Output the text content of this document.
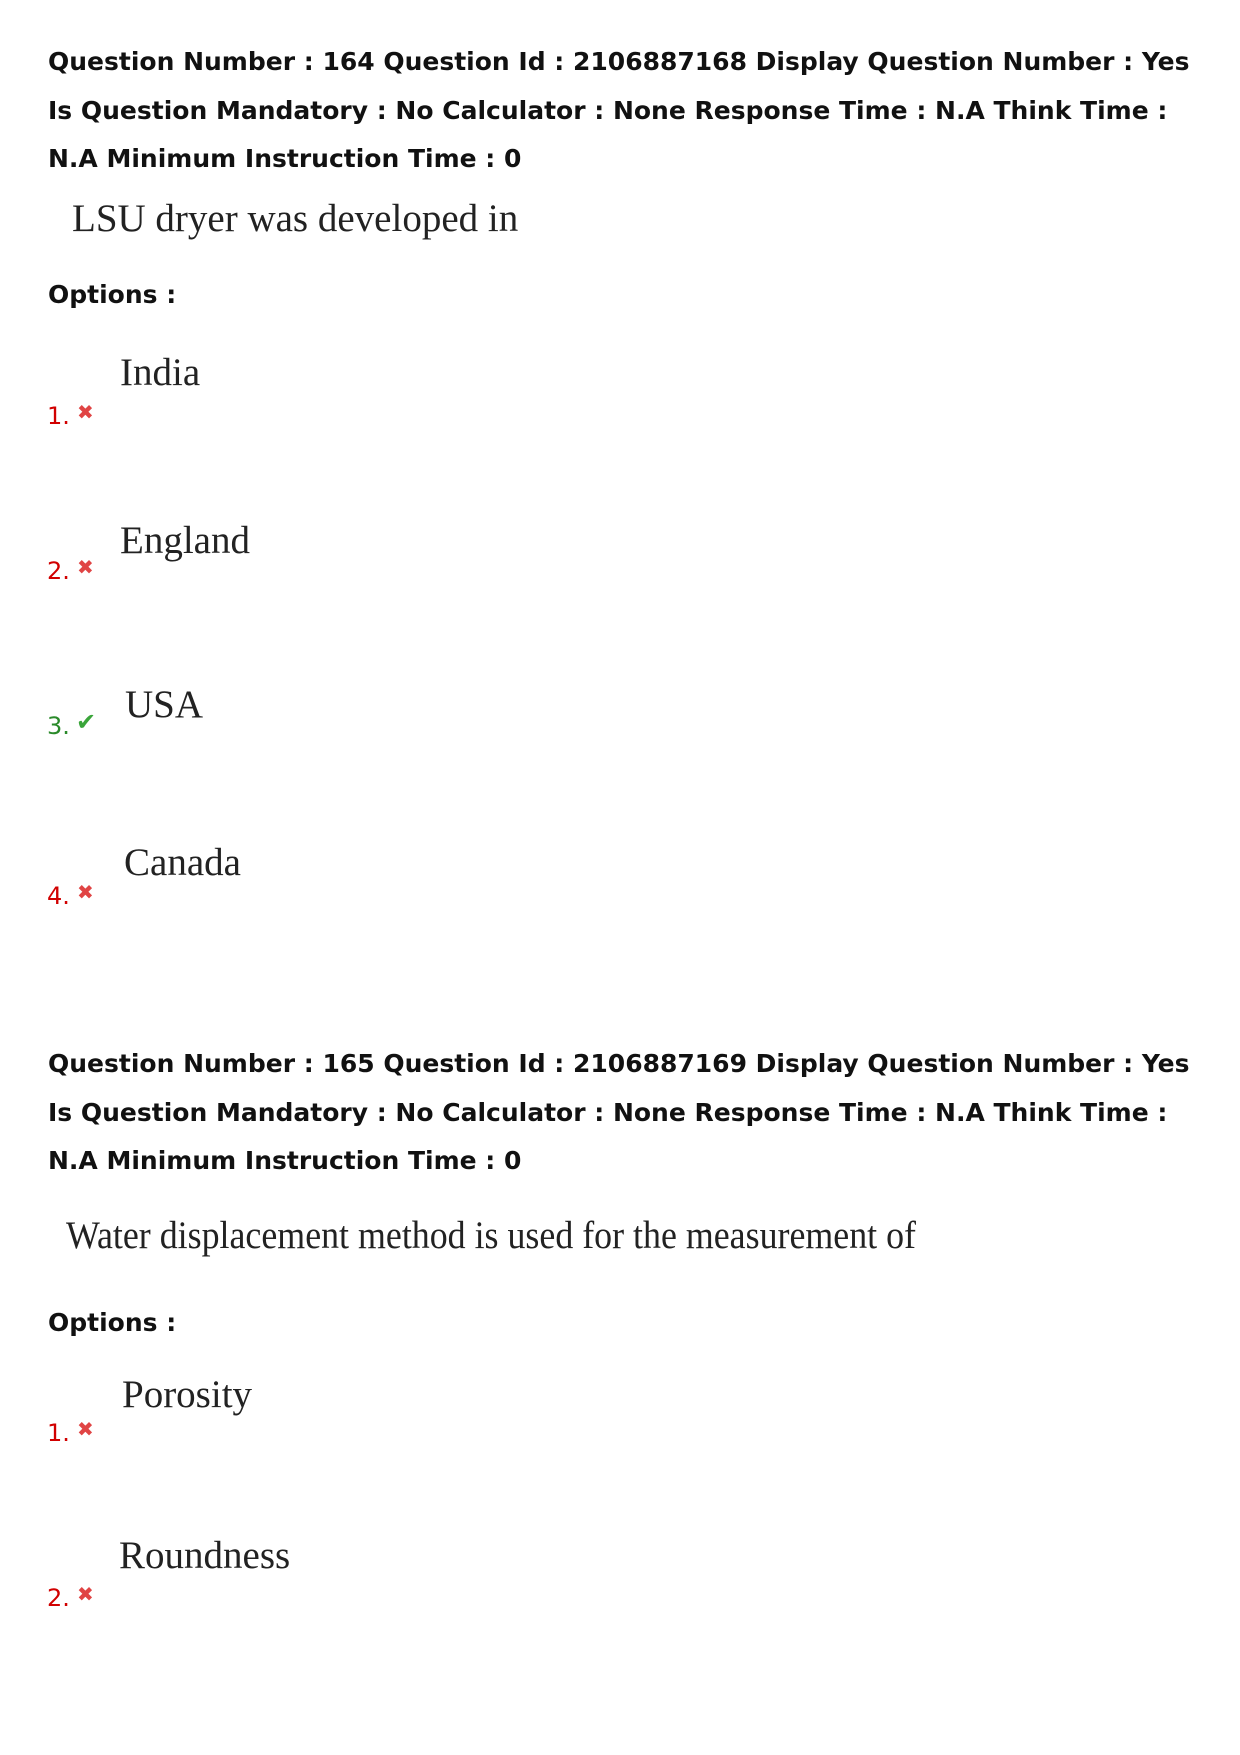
Question Number : 164 Question Id : 2106887168 Display Question Number : Yes Is Question Mandatory : No Calculator : None Response Time : N.A Think Time : N.A Minimum Instruction Time : 0

LSU dryer was developed in

Options :

1. ✖
India
2. ✖
England
3. ✔ USA
4. ✖
Canada

Question Number : 165 Question Id : 2106887169 Display Question Number : Yes Is Question Mandatory : No Calculator : None Response Time : N.A Think Time : N.A Minimum Instruction Time : 0

Water displacement method is used for the measurement of

Options :

1. ✖
Porosity
2. ✖
Roundness
